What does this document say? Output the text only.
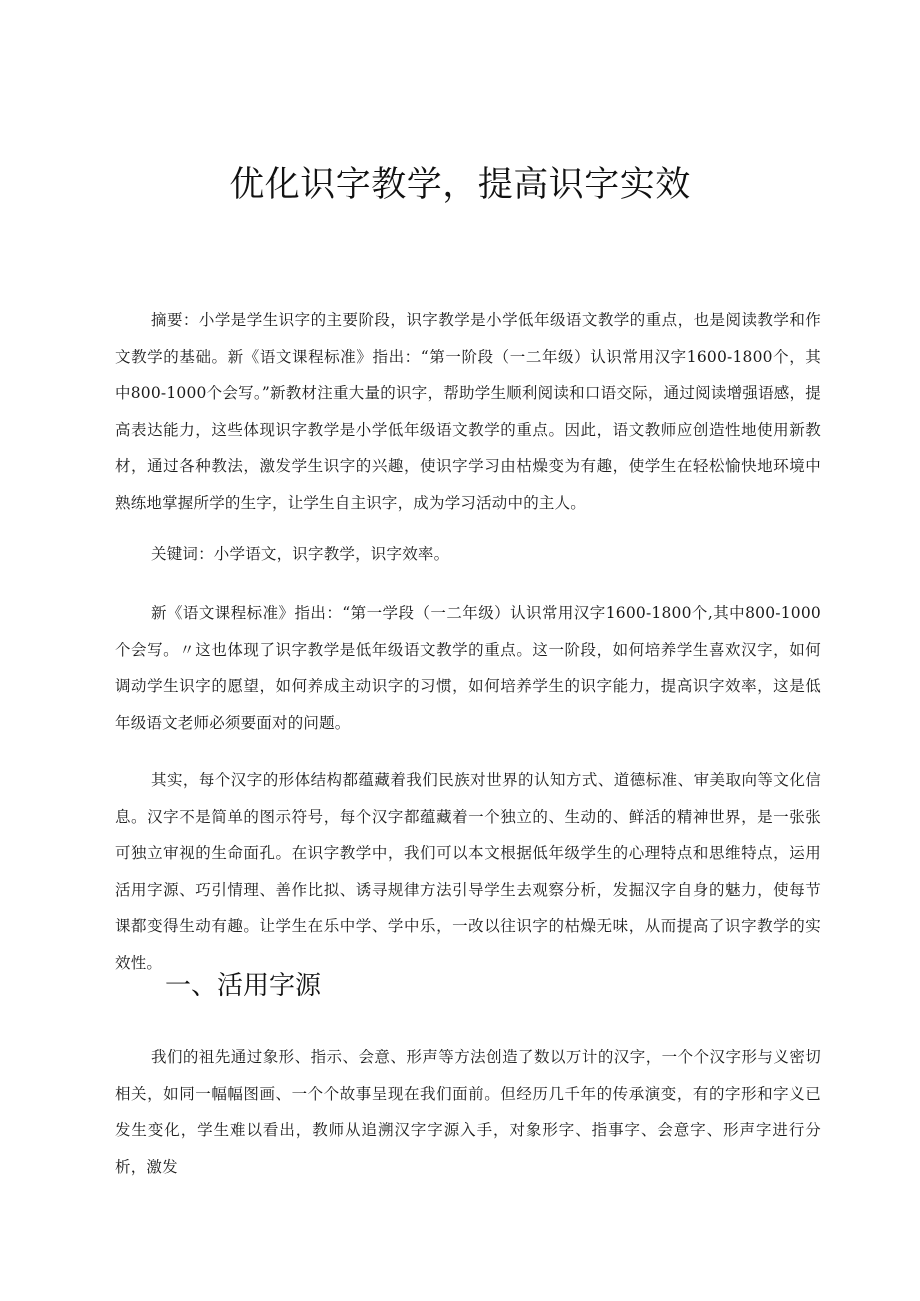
优化识字教学，提高识字实效

摘要：小学是学生识字的主要阶段，识字教学是小学低年级语文教学的重点，也是阅读教学和作文教学的基础。新《语文课程标准》指出：“第一阶段（一二年级）认识常用汉字1600-1800个，其中800-1000个会写。”新教材注重大量的识字，帮助学生顺利阅读和口语交际，通过阅读增强语感，提高表达能力，这些体现识字教学是小学低年级语文教学的重点。因此，语文教师应创造性地使用新教材，通过各种教法，激发学生识字的兴趣，使识字学习由枯燥变为有趣，使学生在轻松愉快地环境中熟练地掌握所学的生字，让学生自主识字，成为学习活动中的主人。

关键词：小学语文，识字教学，识字效率。

新《语文课程标准》指出：“第一学段（一二年级）认识常用汉字1600-1800个,其中800-1000个会写。〃这也体现了识字教学是低年级语文教学的重点。这一阶段，如何培养学生喜欢汉字，如何调动学生识字的愿望，如何养成主动识字的习惯，如何培养学生的识字能力，提高识字效率，这是低年级语文老师必须要面对的问题。

其实，每个汉字的形体结构都蕴藏着我们民族对世界的认知方式、道德标准、审美取向等文化信息。汉字不是简单的图示符号，每个汉字都蕴藏着一个独立的、生动的、鲜活的精神世界，是一张张可独立审视的生命面孔。在识字教学中，我们可以本文根据低年级学生的心理特点和思维特点，运用活用字源、巧引情理、善作比拟、诱寻规律方法引导学生去观察分析，发掘汉字自身的魅力，使每节课都变得生动有趣。让学生在乐中学、学中乐，一改以往识字的枯燥无味，从而提高了识字教学的实效性。

一、活用字源

我们的祖先通过象形、指示、会意、形声等方法创造了数以万计的汉字，一个个汉字形与义密切相关，如同一幅幅图画、一个个故事呈现在我们面前。但经历几千年的传承演变，有的字形和字义已发生变化，学生难以看出，教师从追溯汉字字源入手，对象形字、指事字、会意字、形声字进行分析，激发
